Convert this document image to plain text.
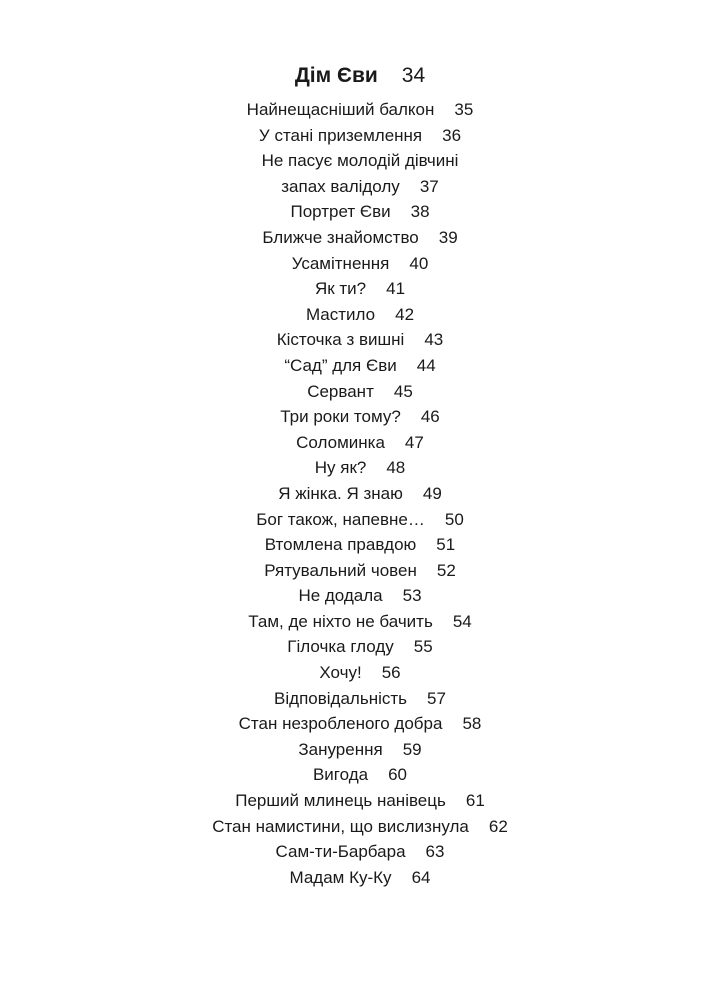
Дім Єви 34
Найнещасніший балкон 35
У стані приземлення 36
Не пасує молодій дівчині
запах валідолу 37
Портрет Єви 38
Ближче знайомство 39
Усамітнення 40
Як ти? 41
Мастило 42
Кісточка з вишні 43
“Сад” для Єви 44
Сервант 45
Три роки тому? 46
Соломинка 47
Ну як? 48
Я жінка. Я знаю 49
Бог також, напевне… 50
Втомлена правдою 51
Рятувальний човен 52
Не додала 53
Там, де ніхто не бачить 54
Гілочка глоду 55
Хочу! 56
Відповідальність 57
Стан незробленого добра 58
Занурення 59
Вигода 60
Перший млинець нанівець 61
Стан намистини, що вислизнула 62
Сам-ти-Барбара 63
Мадам Ку-Ку 64
